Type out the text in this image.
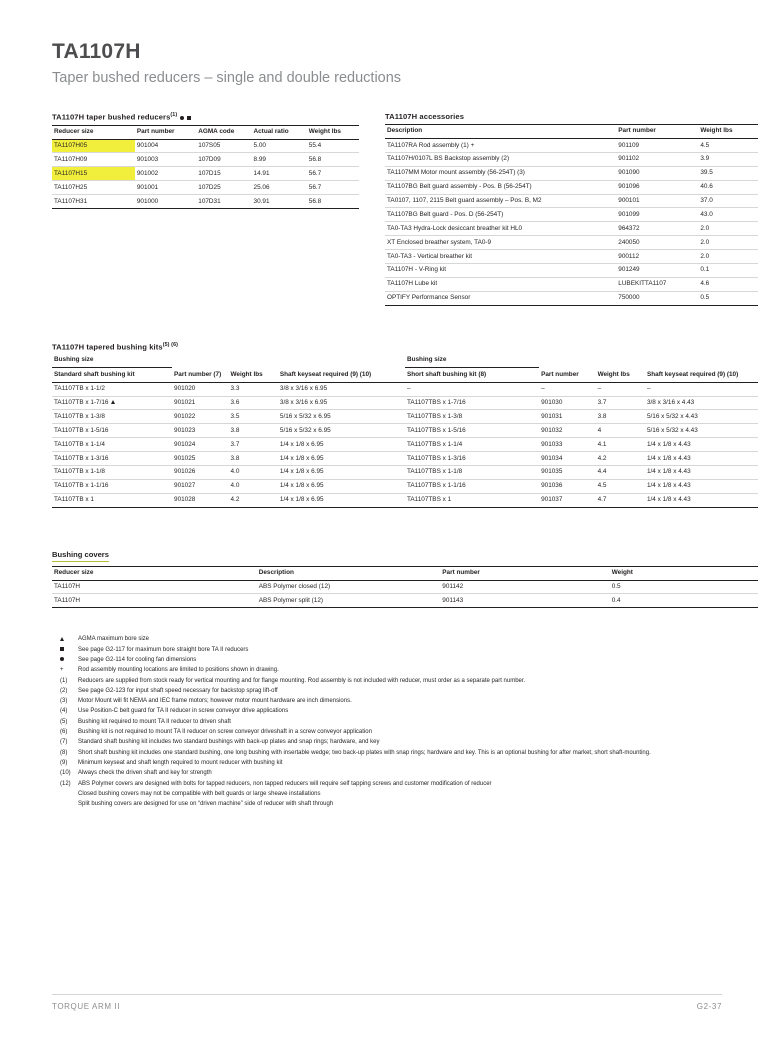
TA1107H
Taper bushed reducers – single and double reductions
TA1107H taper bushed reducers$^{(1)}$
Reducer size	Part number	AGMA code	Actual ratio	Weight lbs
TA1107H05	901004	107S05	5.00	55.4
TA1107H09	901003	107D09	8.99	56.8
TA1107H15	901002	107D15	14.91	56.7
TA1107H25	901001	107D25	25.06	56.7
TA1107H31	901000	107D31	30.91	56.8
TA1107H accessories
Description	Part number	Weight lbs
TA1107RA Rod assembly (1) +	901109	4.5
TA1107H/0107L BS Backstop assembly (2)	901102	3.9
TA1107MM Motor mount assembly (56-254T) (3)	901090	39.5
TA1107BG Belt guard assembly - Pos. B (56-254T)	901096	40.6
TA0107, 1107, 2115 Belt guard assembly – Pos. B, M2	900101	37.0
TA1107BG Belt guard - Pos. D (56-254T)	901099	43.0
TA0-TA3 Hydra-Lock desiccant breather kit HL0	964372	2.0
XT Enclosed breather system, TA0-9	240050	2.0
TA0-TA3 - Vertical breather kit	900112	2.0
TA1107H - V-Ring kit	901249	0.1
TA1107H Lube kit	LUBEKITTA1107	4.6
OPTIFY Performance Sensor	750000	0.5
TA1107H tapered bushing kits$^{(5) (6)}$
Bushing size				Bushing size			
Standard shaft bushing kit	Part number (7)	Weight lbs	Shaft keyseat required (9) (10)	Short shaft bushing kit (8)	Part number	Weight lbs	Shaft keyseat required (9) (10)
TA1107TB x 1-1/2	901020	3.3	3/8 x 3/16 x 6.95	–	–	–	–
TA1107TB x 1-7/16	901021	3.6	3/8 x 3/16 x 6.95	TA1107TBS x 1-7/16	901030	3.7	3/8 x 3/16 x 4.43
TA1107TB x 1-3/8	901022	3.5	5/16 x 5/32 x 6.95	TA1107TBS x 1-3/8	901031	3.8	5/16 x 5/32 x 4.43
TA1107TB x 1-5/16	901023	3.8	5/16 x 5/32 x 6.95	TA1107TBS x 1-5/16	901032	4	5/16 x 5/32 x 4.43
TA1107TB x 1-1/4	901024	3.7	1/4 x 1/8 x 6.95	TA1107TBS x 1-1/4	901033	4.1	1/4 x 1/8 x 4.43
TA1107TB x 1-3/16	901025	3.8	1/4 x 1/8 x 6.95	TA1107TBS x 1-3/16	901034	4.2	1/4 x 1/8 x 4.43
TA1107TB x 1-1/8	901026	4.0	1/4 x 1/8 x 6.95	TA1107TBS x 1-1/8	901035	4.4	1/4 x 1/8 x 4.43
TA1107TB x 1-1/16	901027	4.0	1/4 x 1/8 x 6.95	TA1107TBS x 1-1/16	901036	4.5	1/4 x 1/8 x 4.43
TA1107TB x 1	901028	4.2	1/4 x 1/8 x 6.95	TA1107TBS x 1	901037	4.7	1/4 x 1/8 x 4.43
Bushing covers
Reducer size	Description	Part number	Weight
TA1107H	ABS Polymer closed (12)	901142	0.5
TA1107H	ABS Polymer split (12)	901143	0.4
AGMA maximum bore size
See page G2-117 for maximum bore straight bore TA II reducers
See page G2-114 for cooling fan dimensions
+	Rod assembly mounting locations are limited to positions shown in drawing.
(1)	Reducers are supplied from stock ready for vertical mounting and for flange mounting. Rod assembly is not included with reducer, must order as a separate part number.
(2)	See page G2-123 for input shaft speed necessary for backstop sprag lift-off
(3)	Motor Mount will fit NEMA and IEC frame motors; however motor mount hardware are inch dimensions.
(4)	Use Position-C belt guard for TA II reducer in screw conveyor drive applications
(5)	Bushing kit required to mount TA II reducer to driven shaft
(6)	Bushing kit is not required to mount TA II reducer on screw conveyor driveshaft in a screw conveyor application
(7)	Standard shaft bushing kit includes two standard bushings with back-up plates and snap rings; hardware, and key
(8)	Short shaft bushing kit includes one standard bushing, one long bushing with insertable wedge; two back-up plates with snap rings; hardware and key. This is an optional bushing for after market, short shaft-mounting.
(9)	Minimum keyseat and shaft length required to mount reducer with bushing kit
(10)	Always check the driven shaft and key for strength
(12)	ABS Polymer covers are designed with bolts for tapped reducers, non tapped reducers will require self tapping screws and customer modification of reducer
Closed bushing covers may not be compatible with belt guards or large sheave installations
Split bushing covers are designed for use on “driven machine” side of reducer with shaft through
TORQUE ARM II	G2-37
